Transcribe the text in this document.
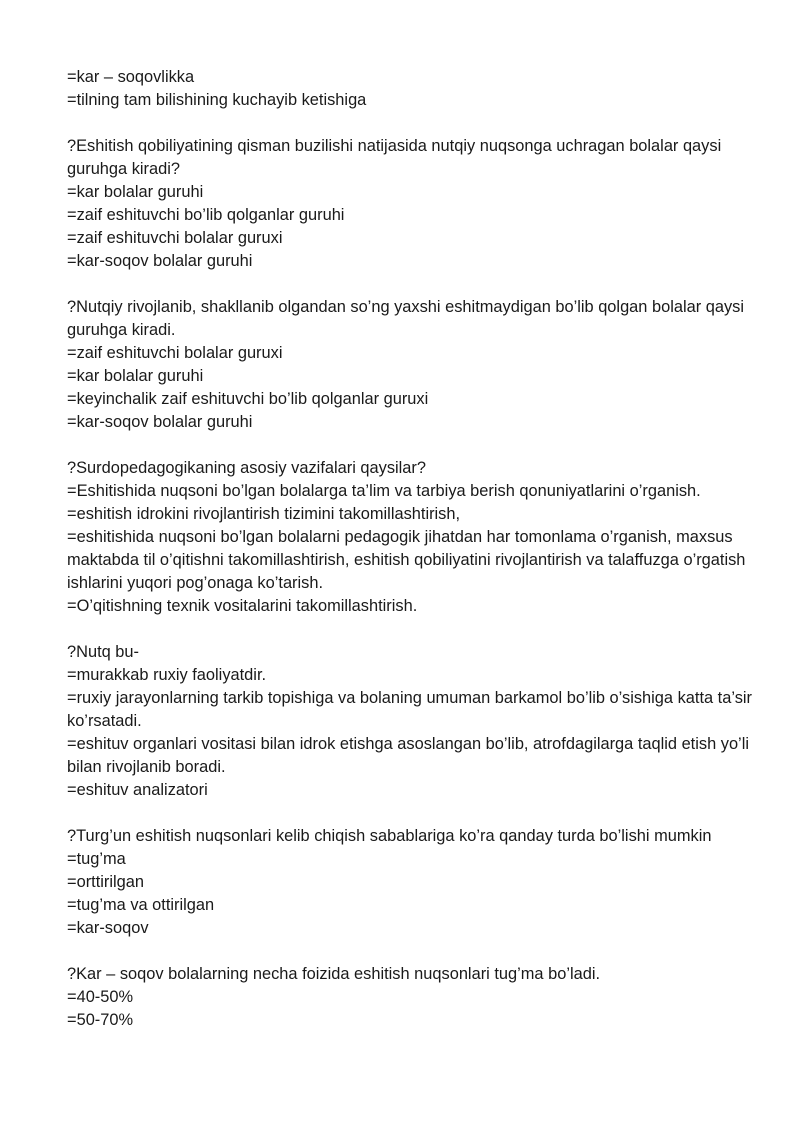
=kar – soqovlikka
=tilning tam bilishining kuchayib ketishiga
?Eshitish qobiliyatining qisman buzilishi natijasida nutqiy nuqsonga uchragan bolalar qaysi guruhga kiradi?
=kar bolalar guruhi
=zaif eshituvchi bo’lib qolganlar guruhi
=zaif eshituvchi bolalar guruxi
=kar-soqov bolalar guruhi
?Nutqiy rivojlanib, shakllanib olgandan so’ng yaxshi eshitmaydigan bo’lib qolgan bolalar qaysi guruhga kiradi.
=zaif eshituvchi bolalar guruxi
=kar bolalar guruhi
=keyinchalik zaif eshituvchi bo’lib qolganlar guruxi
=kar-soqov bolalar guruhi
?Surdopedagogikaning asosiy vazifalari qaysilar?
=Eshitishida nuqsoni bo’lgan bolalarga ta’lim va tarbiya berish qonuniyatlarini o’rganish.
=eshitish idrokini rivojlantirish tizimini takomillashtirish,
=eshitishida nuqsoni bo’lgan bolalarni pedagogik jihatdan har tomonlama o’rganish, maxsus maktabda til o’qitishni takomillashtirish, eshitish qobiliyatini rivojlantirish va talaffuzga o’rgatish ishlarini yuqori pog’onaga ko’tarish.
=O’qitishning texnik vositalarini takomillashtirish.
?Nutq bu-
=murakkab ruxiy faoliyatdir.
=ruxiy jarayonlarning tarkib topishiga va bolaning umuman barkamol bo’lib o’sishiga katta ta’sir ko’rsatadi.
=eshituv organlari vositasi bilan idrok etishga asoslangan bo’lib, atrofdagilarga taqlid etish yo’li bilan rivojlanib boradi.
=eshituv analizatori
?Turg’un eshitish nuqsonlari kelib chiqish sabablariga ko’ra qanday turda bo’lishi mumkin
=tug’ma
=orttirilgan
=tug’ma va ottirilgan
=kar-soqov
?Kar – soqov bolalarning necha foizida eshitish nuqsonlari tug’ma bo’ladi.
=40-50%
=50-70%
